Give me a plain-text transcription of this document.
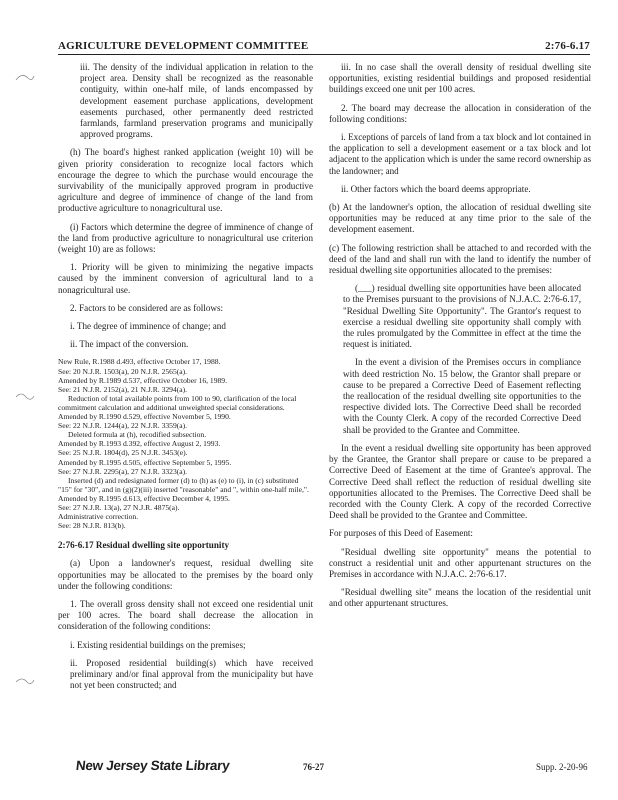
AGRICULTURE DEVELOPMENT COMMITTEE	2:76-6.17

iii. The density of the individual application in relation to the project area. Density shall be recognized as the reasonable contiguity, within one-half mile, of lands encompassed by development easement purchase applications, development easements purchased, other permanently deed restricted farmlands, farmland preservation programs and municipally approved programs.

(h) The board's highest ranked application (weight 10) will be given priority consideration to recognize local factors which encourage the degree to which the purchase would encourage the survivability of the municipally approved program in productive agriculture and degree of imminence of change of the land from productive agriculture to nonagricultural use.

(i) Factors which determine the degree of imminence of change of the land from productive agriculture to nonagricultural use criterion (weight 10) are as follows:

1. Priority will be given to minimizing the negative impacts caused by the imminent conversion of agricultural land to a nonagricultural use.

2. Factors to be considered are as follows:

i. The degree of imminence of change; and

ii. The impact of the conversion.

New Rule, R.1988 d.493, effective October 17, 1988.
See: 20 N.J.R. 1503(a), 20 N.J.R. 2565(a).
Amended by R.1989 d.537, effective October 16, 1989.
See: 21 N.J.R. 2152(a), 21 N.J.R. 3294(a).
Reduction of total available points from 100 to 90, clarification of the local commitment calculation and additional unweighted special considerations.
Amended by R.1990 d.529, effective November 5, 1990.
See: 22 N.J.R. 1244(a), 22 N.J.R. 3359(a).
Deleted formula at (h), recodified subsection.
Amended by R.1993 d.392, effective August 2, 1993.
See: 25 N.J.R. 1804(d), 25 N.J.R. 3453(e).
Amended by R.1995 d.505, effective September 5, 1995.
See: 27 N.J.R. 2295(a), 27 N.J.R. 3323(a).
Inserted (d) and redesignated former (d) to (h) as (e) to (i), in (c) substituted "15" for "30", and in (g)(2)(iii) inserted "reasonable" and ", within one-half mile,".
Amended by R.1995 d.613, effective December 4, 1995.
See: 27 N.J.R. 13(a), 27 N.J.R. 4875(a).
Administrative correction.
See: 28 N.J.R. 813(b).
2:76-6.17 Residual dwelling site opportunity

(a) Upon a landowner's request, residual dwelling site opportunities may be allocated to the premises by the board only under the following conditions:

1. The overall gross density shall not exceed one residential unit per 100 acres. The board shall decrease the allocation in consideration of the following conditions:

i. Existing residential buildings on the premises;

ii. Proposed residential building(s) which have received preliminary and/or final approval from the municipality but have not yet been constructed; and

iii. In no case shall the overall density of residual dwelling site opportunities, existing residential buildings and proposed residential buildings exceed one unit per 100 acres.

2. The board may decrease the allocation in consideration of the following conditions:

i. Exceptions of parcels of land from a tax block and lot contained in the application to sell a development easement or a tax block and lot adjacent to the application which is under the same record ownership as the landowner; and

ii. Other factors which the board deems appropriate.

(b) At the landowner's option, the allocation of residual dwelling site opportunities may be reduced at any time prior to the sale of the development easement.

(c) The following restriction shall be attached to and recorded with the deed of the land and shall run with the land to identify the number of residual dwelling site opportunities allocated to the premises:

(___) residual dwelling site opportunities have been allocated to the Premises pursuant to the provisions of N.J.A.C. 2:76-6.17, "Residual Dwelling Site Opportunity". The Grantor's request to exercise a residual dwelling site opportunity shall comply with the rules promulgated by the Committee in effect at the time the request is initiated.

In the event a division of the Premises occurs in compliance with deed restriction No. 15 below, the Grantor shall prepare or cause to be prepared a Corrective Deed of Easement reflecting the reallocation of the residual dwelling site opportunities to the respective divided lots. The Corrective Deed shall be recorded with the County Clerk. A copy of the recorded Corrective Deed shall be provided to the Grantee and Committee.

In the event a residual dwelling site opportunity has been approved by the Grantee, the Grantor shall prepare or cause to be prepared a Corrective Deed of Easement at the time of Grantee's approval. The Corrective Deed shall reflect the reduction of residual dwelling site opportunities allocated to the Premises. The Corrective Deed shall be recorded with the County Clerk. A copy of the recorded Corrective Deed shall be provided to the Grantee and Committee.

For purposes of this Deed of Easement:

"Residual dwelling site opportunity" means the potential to construct a residential unit and other appurtenant structures on the Premises in accordance with N.J.A.C. 2:76-6.17.

"Residual dwelling site" means the location of the residential unit and other appurtenant structures.

New Jersey State Library	76-27	Supp. 2-20-96
